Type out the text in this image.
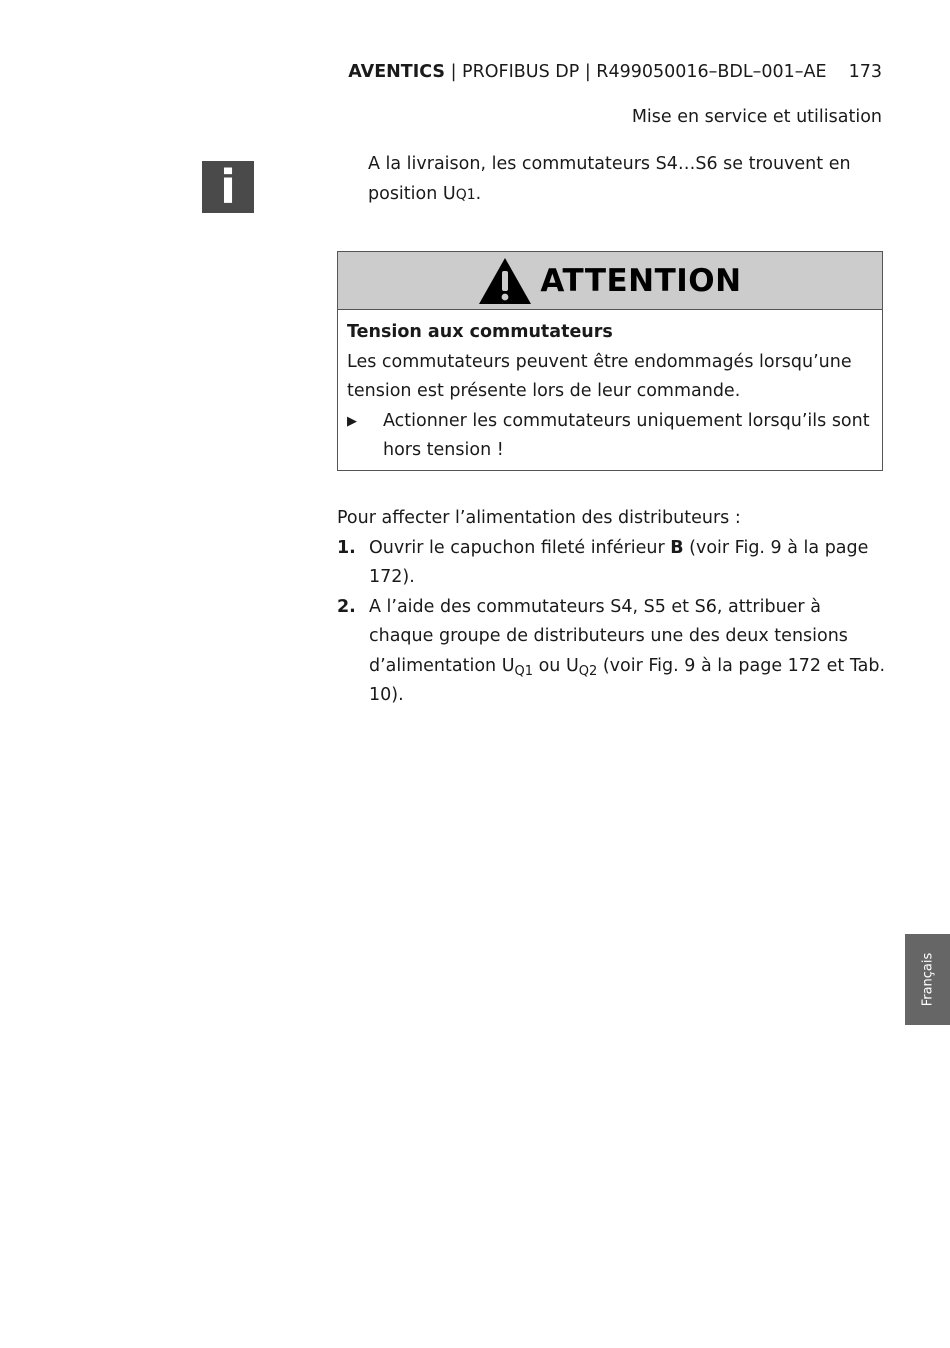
AVENTICS | PROFIBUS DP | R499050016–BDL–001–AE 173
Mise en service et utilisation
i	A la livraison, les commutateurs S4…S6 se trouvent en position UQ1.
ATTENTION
Tension aux commutateurs
Les commutateurs peuvent être endommagés lorsqu’une tension est présente lors de leur commande.
▶	Actionner les commutateurs uniquement lorsqu’ils sont hors tension !
Pour affecter l’alimentation des distributeurs :
1. Ouvrir le capuchon fileté inférieur B (voir Fig. 9 à la page 172).
2. A l’aide des commutateurs S4, S5 et S6, attribuer à chaque groupe de distributeurs une des deux tensions d’alimentation $U_{Q1}$ ou $U_{Q2}$ (voir Fig. 9 à la page 172 et Tab. 10).
Français
